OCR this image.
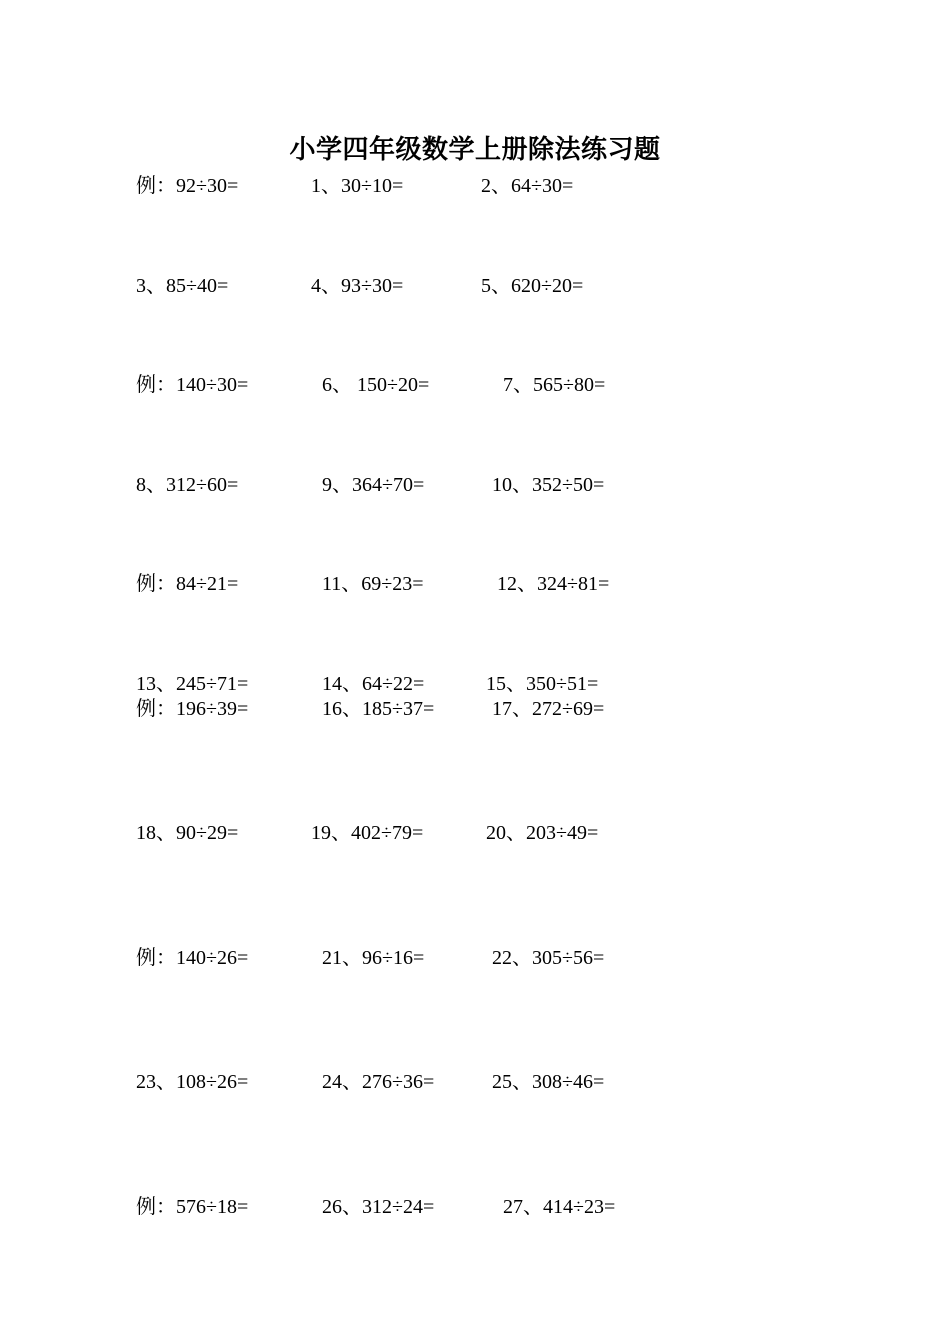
小学四年级数学上册除法练习题
例：92÷30=	1、30÷10=	2、64÷30=
3、85÷40=	4、93÷30=	5、620÷20=
例：140÷30=	6、 150÷20=	7、565÷80=
8、312÷60=	9、364÷70=	10、352÷50=
例：84÷21=	11、69÷23=	12、324÷81=
13、245÷71=	14、64÷22=	15、350÷51=
例：196÷39=	16、185÷37=	17、272÷69=
18、90÷29=	19、402÷79=	20、203÷49=
例：140÷26=	21、96÷16=	22、305÷56=
23、108÷26=	24、276÷36=	25、308÷46=
例：576÷18=	26、312÷24=	27、414÷23=
